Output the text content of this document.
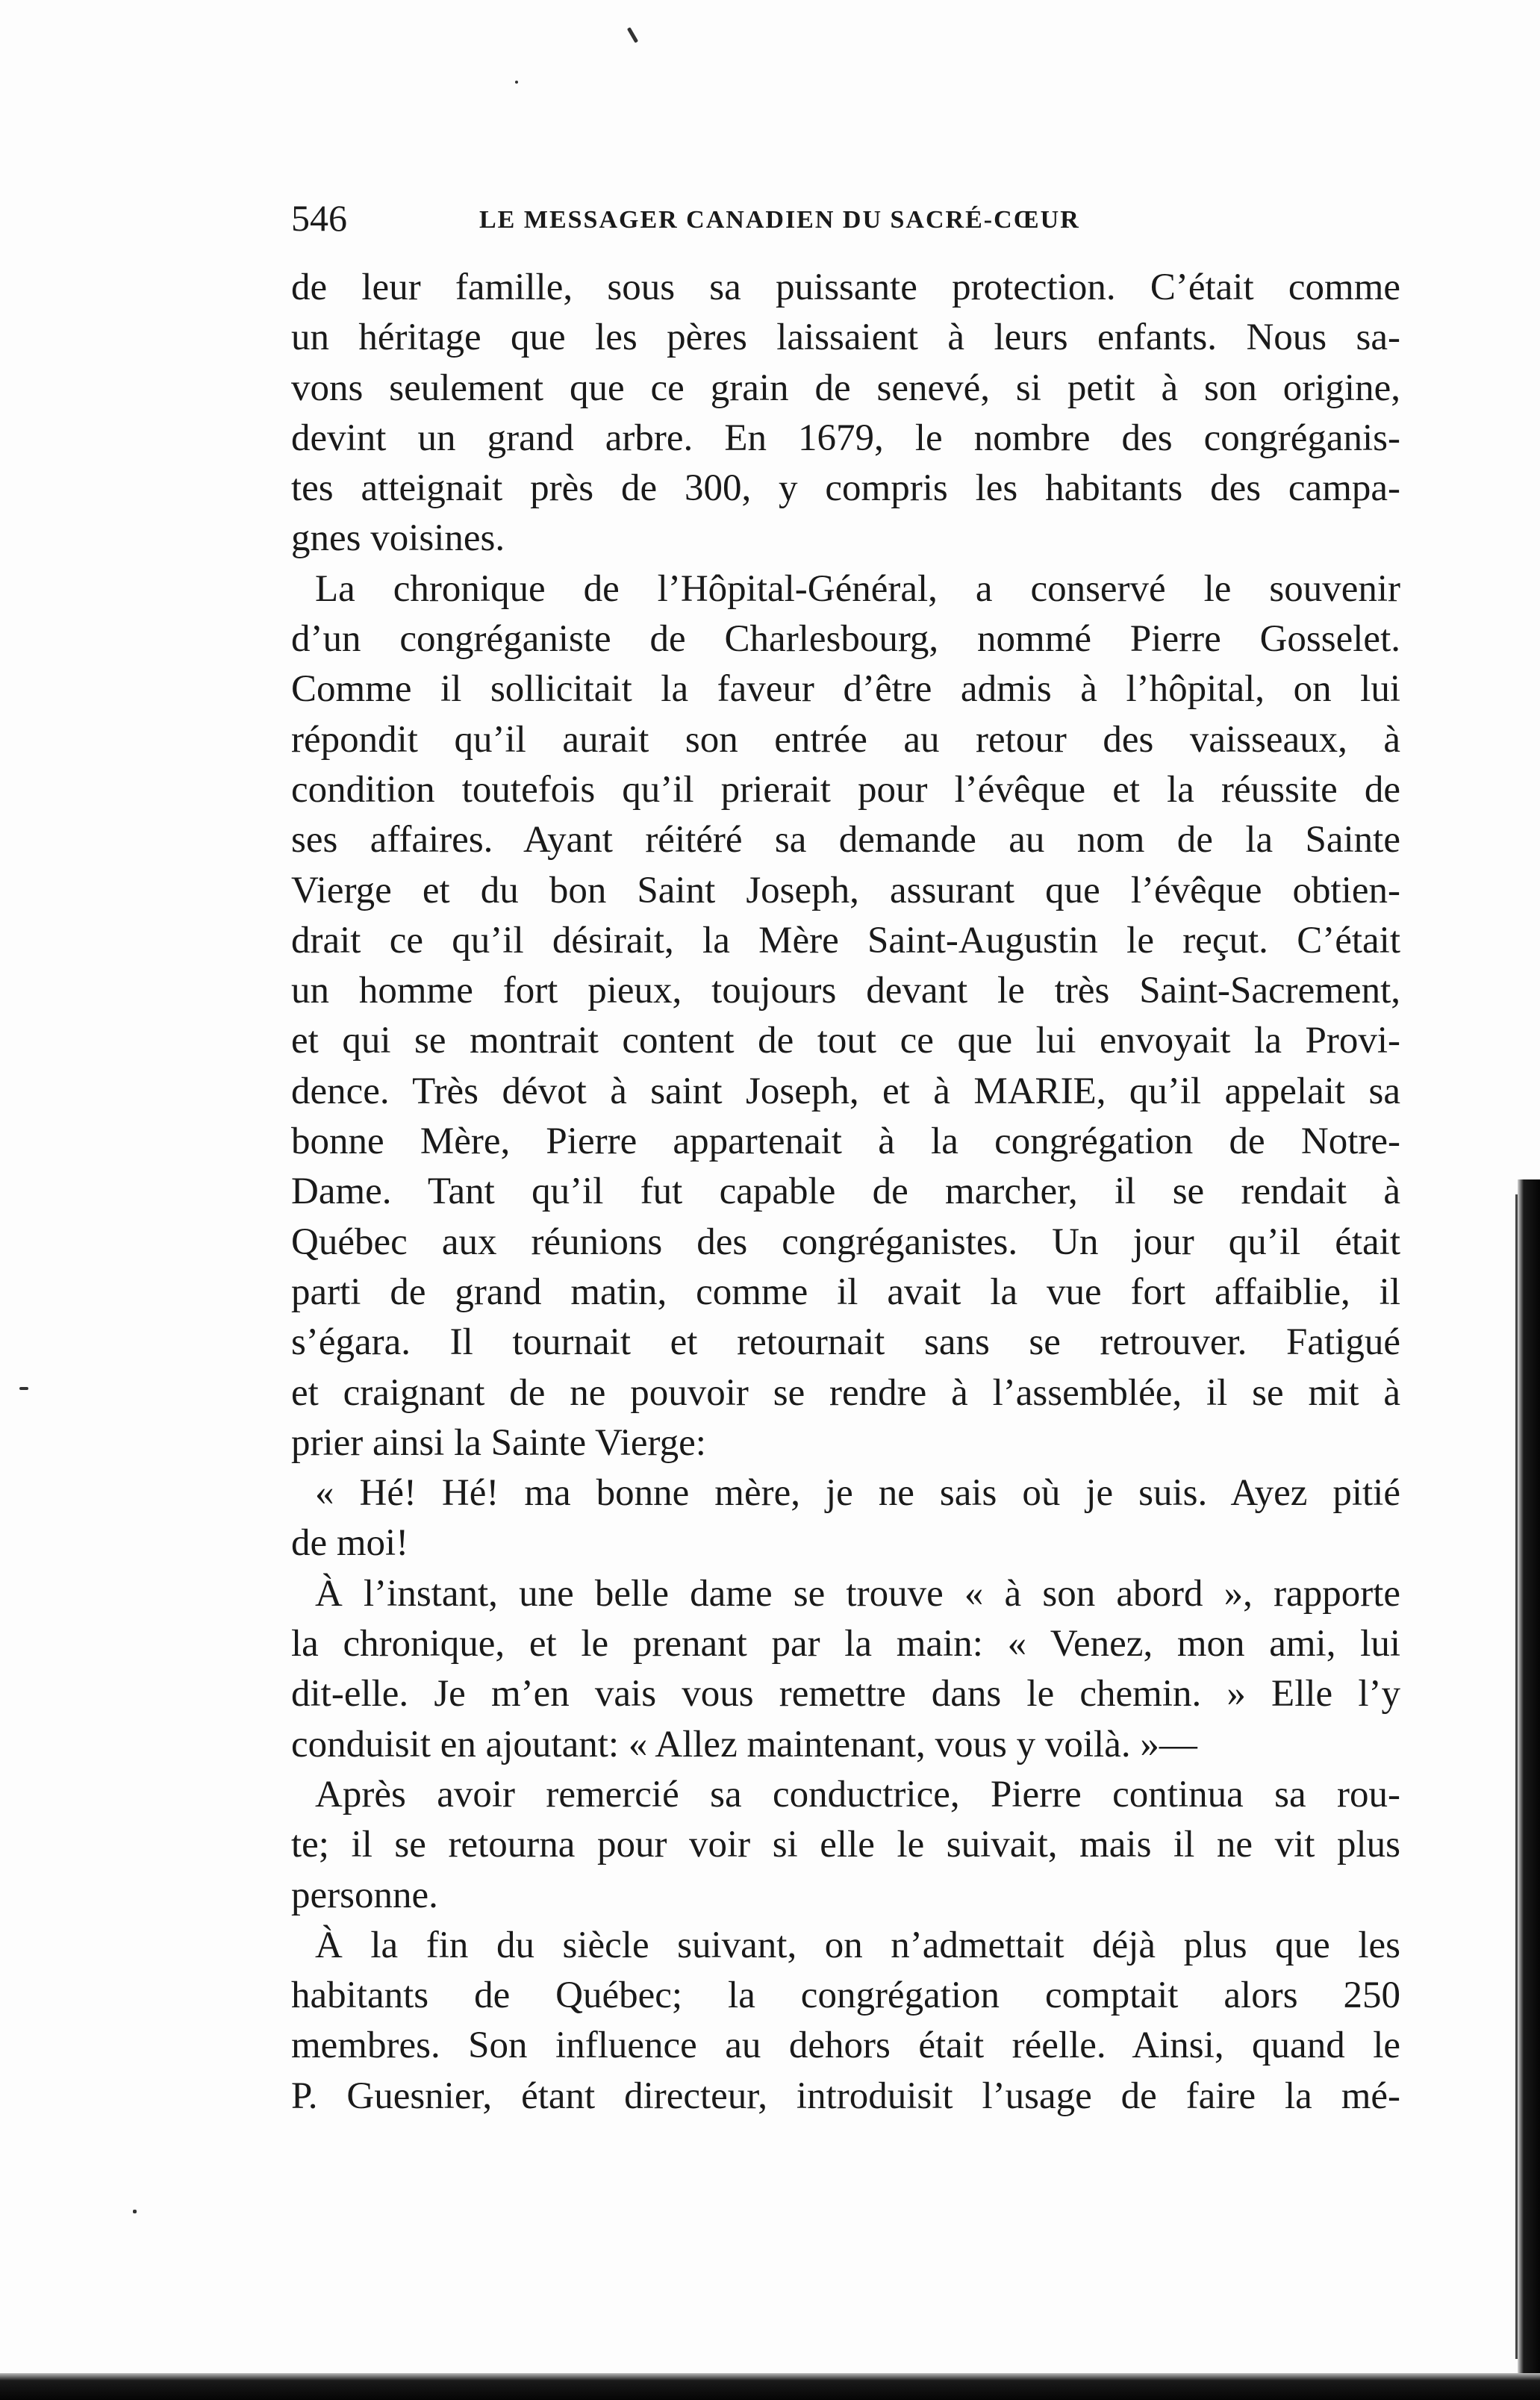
546	LE MESSAGER CANADIEN DU SACRÉ-CŒUR
de leur famille, sous sa puissante protection. C’était comme
un héritage que les pères laissaient à leurs enfants. Nous sa-
vons seulement que ce grain de senevé, si petit à son origine,
devint un grand arbre. En 1679, le nombre des congréganis-
tes atteignait près de 300, y compris les habitants des campa-
gnes voisines.
La chronique de l’Hôpital-Général, a conservé le souvenir
d’un congréganiste de Charlesbourg, nommé Pierre Gosselet.
Comme il sollicitait la faveur d’être admis à l’hôpital, on lui
répondit qu’il aurait son entrée au retour des vaisseaux, à
condition toutefois qu’il prierait pour l’évêque et la réussite de
ses affaires. Ayant réitéré sa demande au nom de la Sainte
Vierge et du bon Saint Joseph, assurant que l’évêque obtien-
drait ce qu’il désirait, la Mère Saint-Augustin le reçut. C’était
un homme fort pieux, toujours devant le très Saint-Sacrement,
et qui se montrait content de tout ce que lui envoyait la Provi-
dence. Très dévot à saint Joseph, et à MARIE, qu’il appelait sa
bonne Mère, Pierre appartenait à la congrégation de Notre-
Dame. Tant qu’il fut capable de marcher, il se rendait à
Québec aux réunions des congréganistes. Un jour qu’il était
parti de grand matin, comme il avait la vue fort affaiblie, il
s’égara. Il tournait et retournait sans se retrouver. Fatigué
et craignant de ne pouvoir se rendre à l’assemblée, il se mit à
prier ainsi la Sainte Vierge:
« Hé! Hé! ma bonne mère, je ne sais où je suis. Ayez pitié
de moi!
À l’instant, une belle dame se trouve « à son abord », rapporte
la chronique, et le prenant par la main: « Venez, mon ami, lui
dit-elle. Je m’en vais vous remettre dans le chemin. » Elle l’y
conduisit en ajoutant: « Allez maintenant, vous y voilà. »—
Après avoir remercié sa conductrice, Pierre continua sa rou-
te; il se retourna pour voir si elle le suivait, mais il ne vit plus
personne.
À la fin du siècle suivant, on n’admettait déjà plus que les
habitants de Québec; la congrégation comptait alors 250
membres. Son influence au dehors était réelle. Ainsi, quand le
P. Guesnier, étant directeur, introduisit l’usage de faire la mé-
